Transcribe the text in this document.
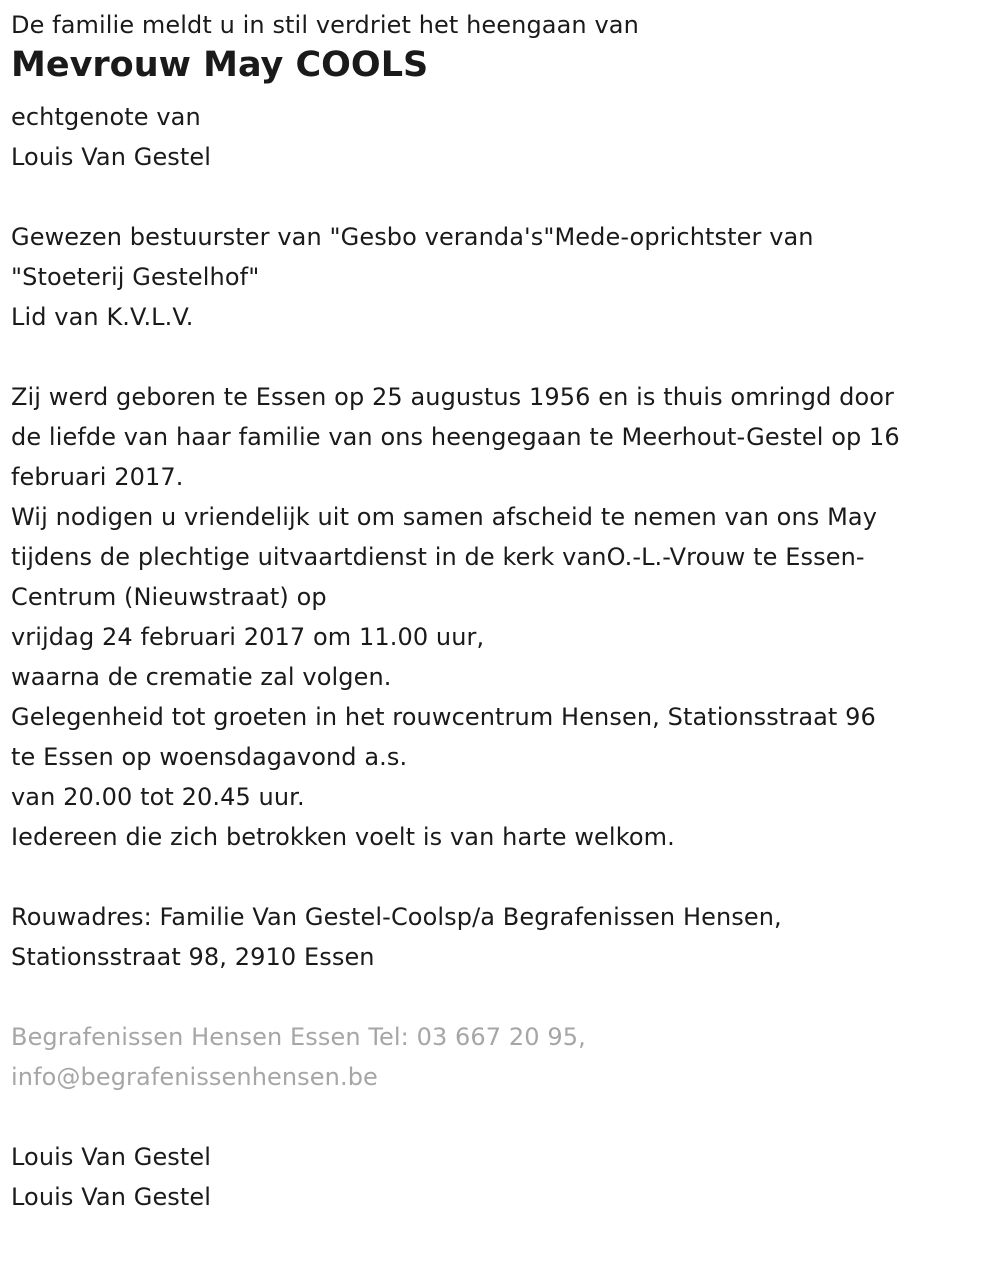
De familie meldt u in stil verdriet het heengaan van
Mevrouw May COOLS
echtgenote van
Louis Van Gestel
Gewezen bestuurster van "Gesbo veranda's"Mede-oprichtster van
"Stoeterij Gestelhof"
Lid van K.V.L.V.
Zij werd geboren te Essen op 25 augustus 1956 en is thuis omringd door
de liefde van haar familie van ons heengegaan te Meerhout-Gestel op 16
februari 2017.
Wij nodigen u vriendelijk uit om samen afscheid te nemen van ons May
tijdens de plechtige uitvaartdienst in de kerk vanO.-L.-Vrouw te Essen-
Centrum (Nieuwstraat) op
vrijdag 24 februari 2017 om 11.00 uur,
waarna de crematie zal volgen.
Gelegenheid tot groeten in het rouwcentrum Hensen, Stationsstraat 96
te Essen op woensdagavond a.s.
van 20.00 tot 20.45 uur.
Iedereen die zich betrokken voelt is van harte welkom.
Rouwadres: Familie Van Gestel-Coolsp/a Begrafenissen Hensen,
Stationsstraat 98, 2910 Essen
Begrafenissen Hensen Essen Tel: 03 667 20 95,
info@begrafenissenhensen.be
Louis Van Gestel
Louis Van Gestel
